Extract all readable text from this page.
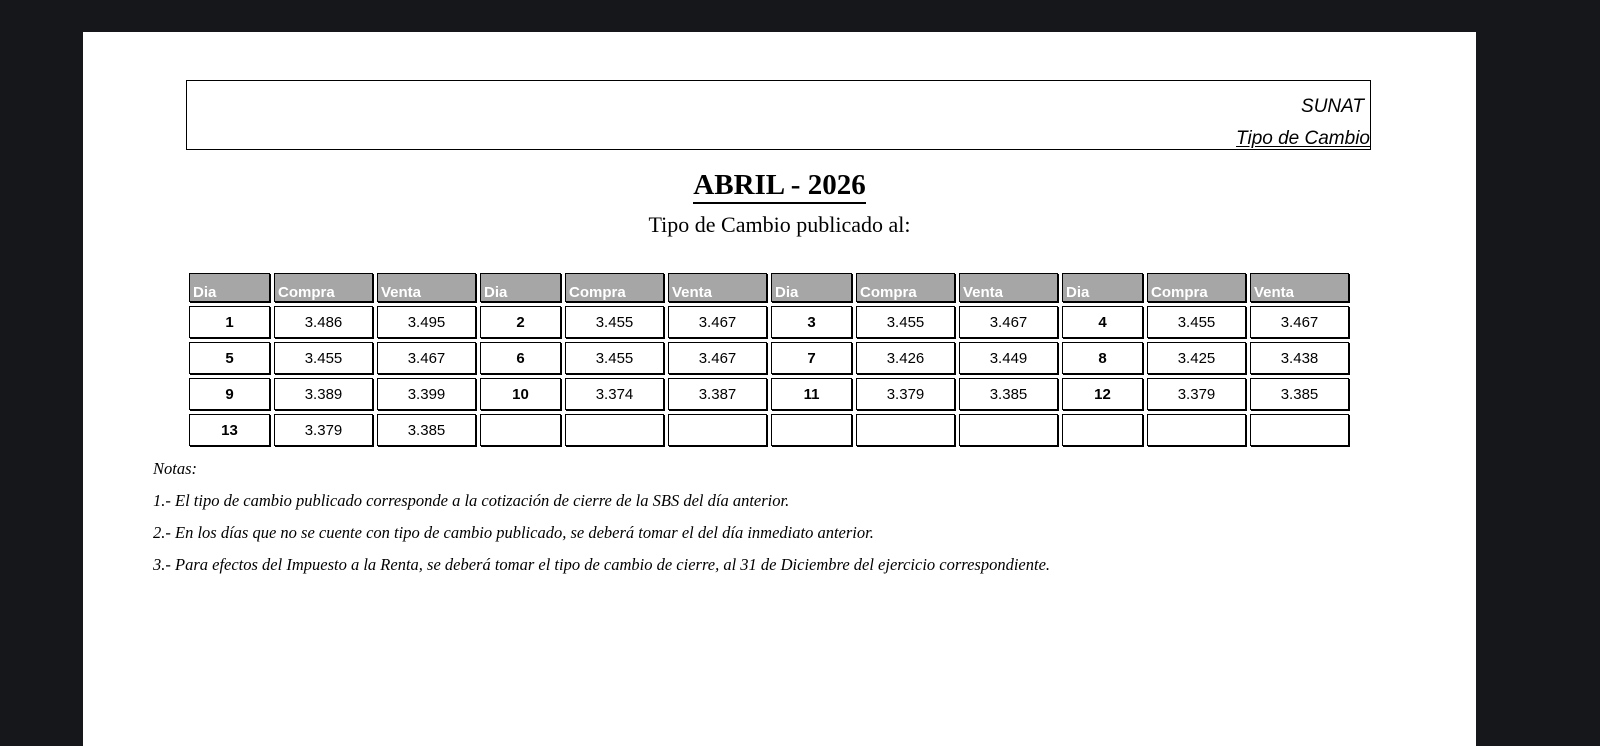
SUNAT
Tipo de Cambio
ABRIL - 2026
Tipo de Cambio publicado al:
Dia	Compra	Venta	Dia	Compra	Venta	Dia	Compra	Venta	Dia	Compra	Venta
1	3.486	3.495	2	3.455	3.467	3	3.455	3.467	4	3.455	3.467
5	3.455	3.467	6	3.455	3.467	7	3.426	3.449	8	3.425	3.438
9	3.389	3.399	10	3.374	3.387	11	3.379	3.385	12	3.379	3.385
13	3.379	3.385									

Notas:

1.- El tipo de cambio publicado corresponde a la cotización de cierre de la SBS del día anterior.

2.- En los días que no se cuente con tipo de cambio publicado, se deberá tomar el del día inmediato anterior.

3.- Para efectos del Impuesto a la Renta, se deberá tomar el tipo de cambio de cierre, al 31 de Diciembre del ejercicio correspondiente.
